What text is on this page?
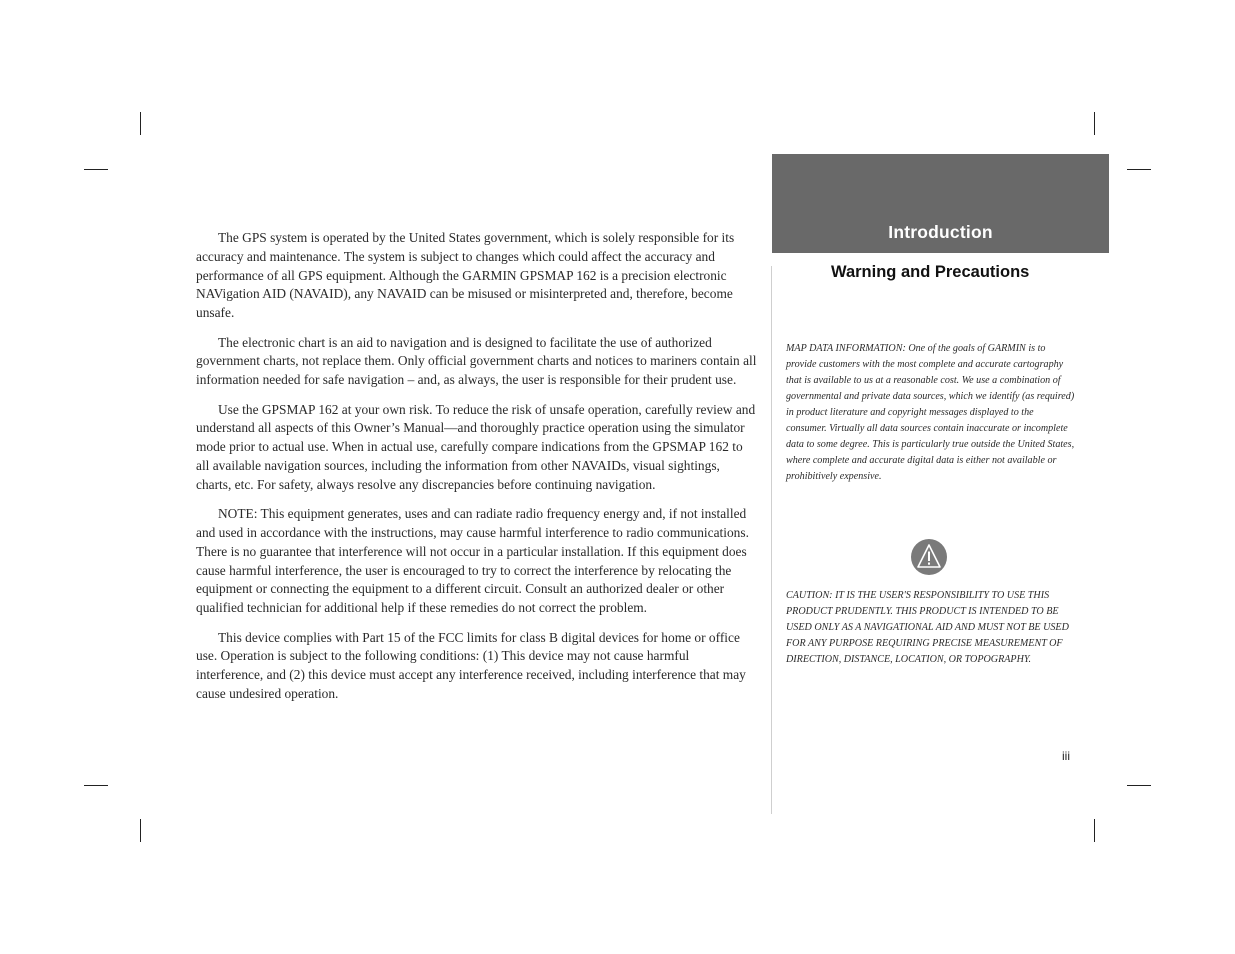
The GPS system is operated by the United States government, which is solely responsible for its accuracy and maintenance. The system is subject to changes which could affect the accuracy and performance of all GPS equipment. Although the GARMIN GPSMAP 162 is a precision electronic NAVigation AID (NAVAID), any NAVAID can be misused or misinterpreted and, therefore, become unsafe.

The electronic chart is an aid to navigation and is designed to facilitate the use of authorized government charts, not replace them. Only official government charts and notices to mariners contain all information needed for safe navigation – and, as always, the user is responsible for their prudent use.

Use the GPSMAP 162 at your own risk. To reduce the risk of unsafe operation, carefully review and understand all aspects of this Owner’s Manual—and thoroughly practice operation using the simulator mode prior to actual use. When in actual use, carefully compare indications from the GPSMAP 162 to all available navigation sources, including the information from other NAVAIDs, visual sightings, charts, etc. For safety, always resolve any discrepancies before continuing navigation.

NOTE: This equipment generates, uses and can radiate radio frequency energy and, if not installed and used in accordance with the instructions, may cause harmful interference to radio communications. There is no guarantee that interference will not occur in a particular installation. If this equipment does cause harmful interference, the user is encouraged to try to correct the interference by relocating the equipment or connecting the equipment to a different circuit. Consult an authorized dealer or other qualified technician for additional help if these remedies do not correct the problem.

This device complies with Part 15 of the FCC limits for class B digital devices for home or office use. Operation is subject to the following conditions: (1) This device may not cause harmful interference, and (2) this device must accept any interference received, including interference that may cause undesired operation.

Introduction
Warning and Precautions
MAP DATA INFORMATION: One of the goals of GARMIN is to provide customers with the most complete and accurate cartography that is available to us at a reasonable cost. We use a combination of governmental and private data sources, which we identify (as required) in product literature and copyright messages displayed to the consumer. Virtually all data sources contain inaccurate or incomplete data to some degree. This is particularly true outside the United States, where complete and accurate digital data is either not available or prohibitively expensive.
CAUTION: IT IS THE USER'S RESPONSIBILITY TO USE THIS PRODUCT PRUDENTLY. THIS PRODUCT IS INTENDED TO BE USED ONLY AS A NAVIGATIONAL AID AND MUST NOT BE USED FOR ANY PURPOSE REQUIRING PRECISE MEASUREMENT OF DIRECTION, DISTANCE, LOCATION, OR TOPOGRAPHY.
iii
